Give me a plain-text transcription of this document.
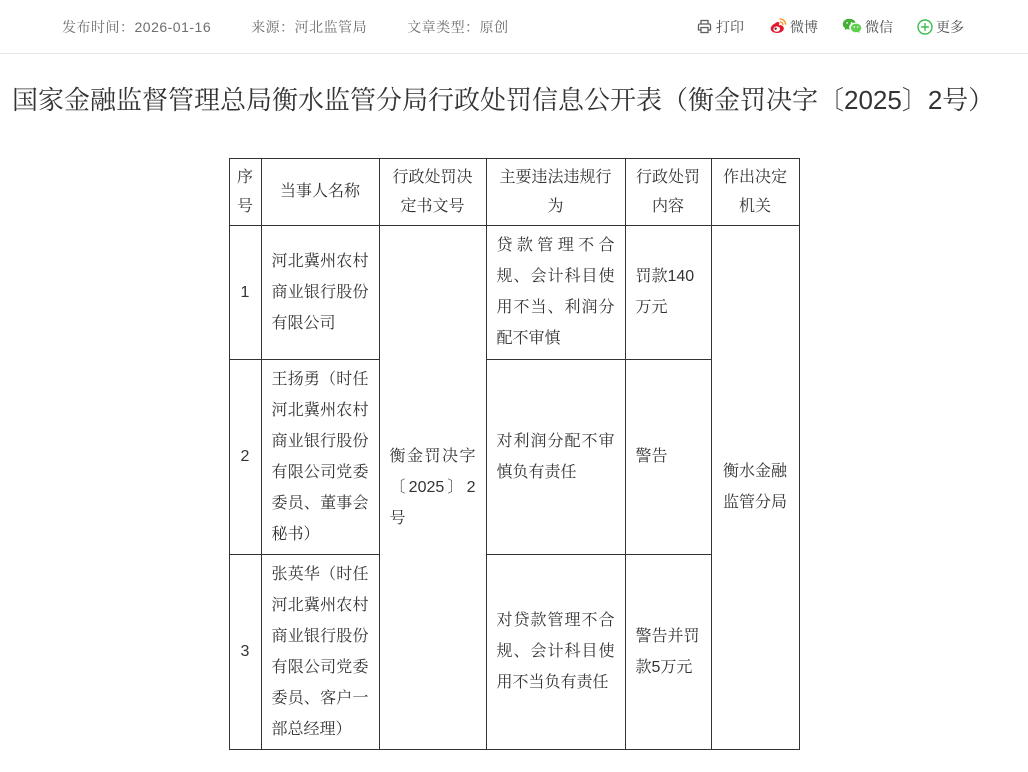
发布时间：2026-01-16	来源：河北监管局	文章类型：原创	打印	微博	微信	更多
国家金融监督管理总局衡水监管分局行政处罚信息公开表（衡金罚决字〔2025〕2号）
序号	当事人名称	行政处罚决定书文号	主要违法违规行为	行政处罚内容	作出决定机关
1	河北冀州农村商业银行股份有限公司	衡金罚决字〔2025〕2号	贷款管理不合规、会计科目使用不当、利润分配不审慎	罚款140万元	衡水金融监管分局
2	王扬勇（时任河北冀州农村商业银行股份有限公司党委委员、董事会秘书）		对利润分配不审慎负有责任	警告	
3	张英华（时任河北冀州农村商业银行股份有限公司党委委员、客户一部总经理）		对贷款管理不合规、会计科目使用不当负有责任	警告并罚款5万元	
